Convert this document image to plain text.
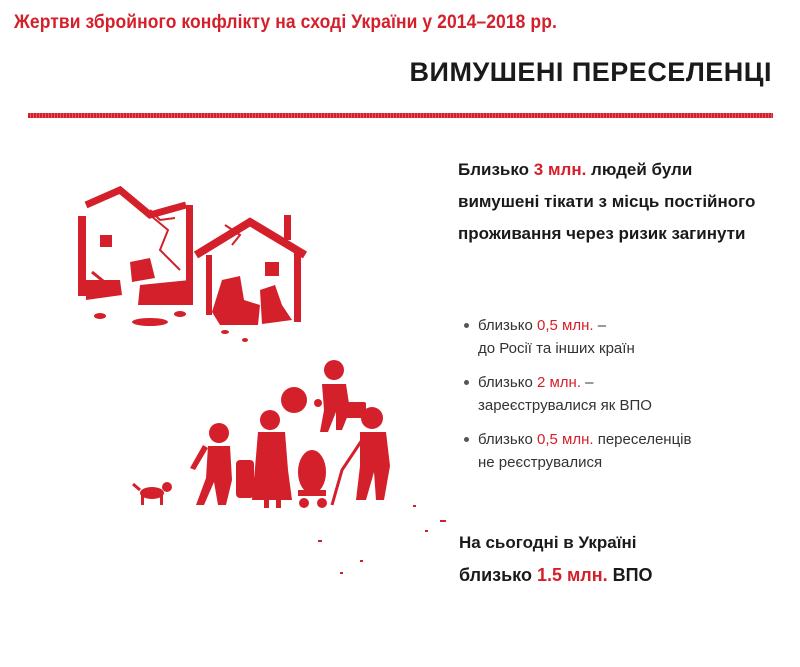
Жертви збройного конфлікту на сході України у 2014–2018 рр.
ВИМУШЕНІ ПЕРЕСЕЛЕНЦІ
Близько 3 млн. людей були вимушені тікати з місць постійного проживання через ризик загинути
близько 0,5 млн. –
до Росії та інших країн
близько 2 млн. –
зареєструвалися як ВПО
близько 0,5 млн. переселенців
не реєструвалися
На сьогодні в Україні
близько 1.5 млн. ВПО
